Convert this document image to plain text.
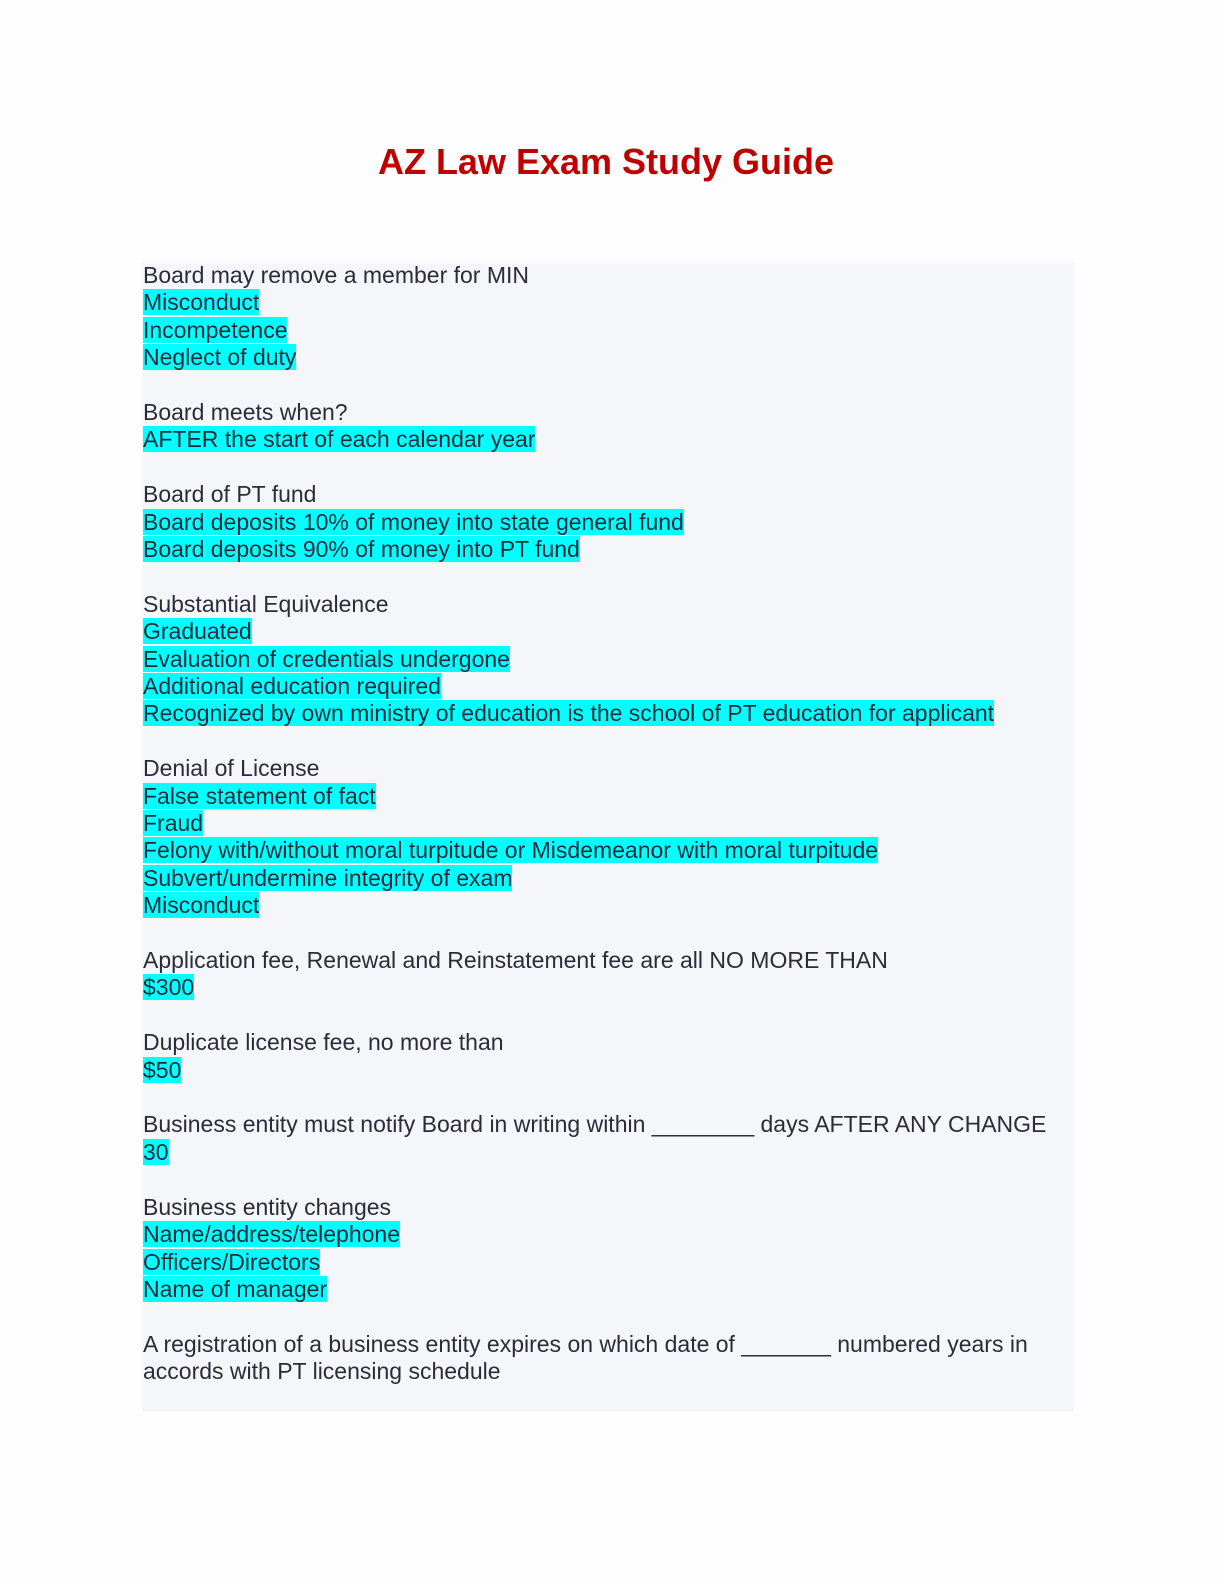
AZ Law Exam Study Guide
Board may remove a member for MIN
Misconduct
Incompetence
Neglect of duty
Board meets when?
AFTER the start of each calendar year
Board of PT fund
Board deposits 10% of money into state general fund
Board deposits 90% of money into PT fund
Substantial Equivalence
Graduated
Evaluation of credentials undergone
Additional education required
Recognized by own ministry of education is the school of PT education for applicant
Denial of License
False statement of fact
Fraud
Felony with/without moral turpitude or Misdemeanor with moral turpitude
Subvert/undermine integrity of exam
Misconduct
Application fee, Renewal and Reinstatement fee are all NO MORE THAN
$300
Duplicate license fee, no more than
$50
Business entity must notify Board in writing within ________ days AFTER ANY CHANGE
30
Business entity changes
Name/address/telephone
Officers/Directors
Name of manager
A registration of a business entity expires on which date of _______ numbered years in accords with PT licensing schedule
